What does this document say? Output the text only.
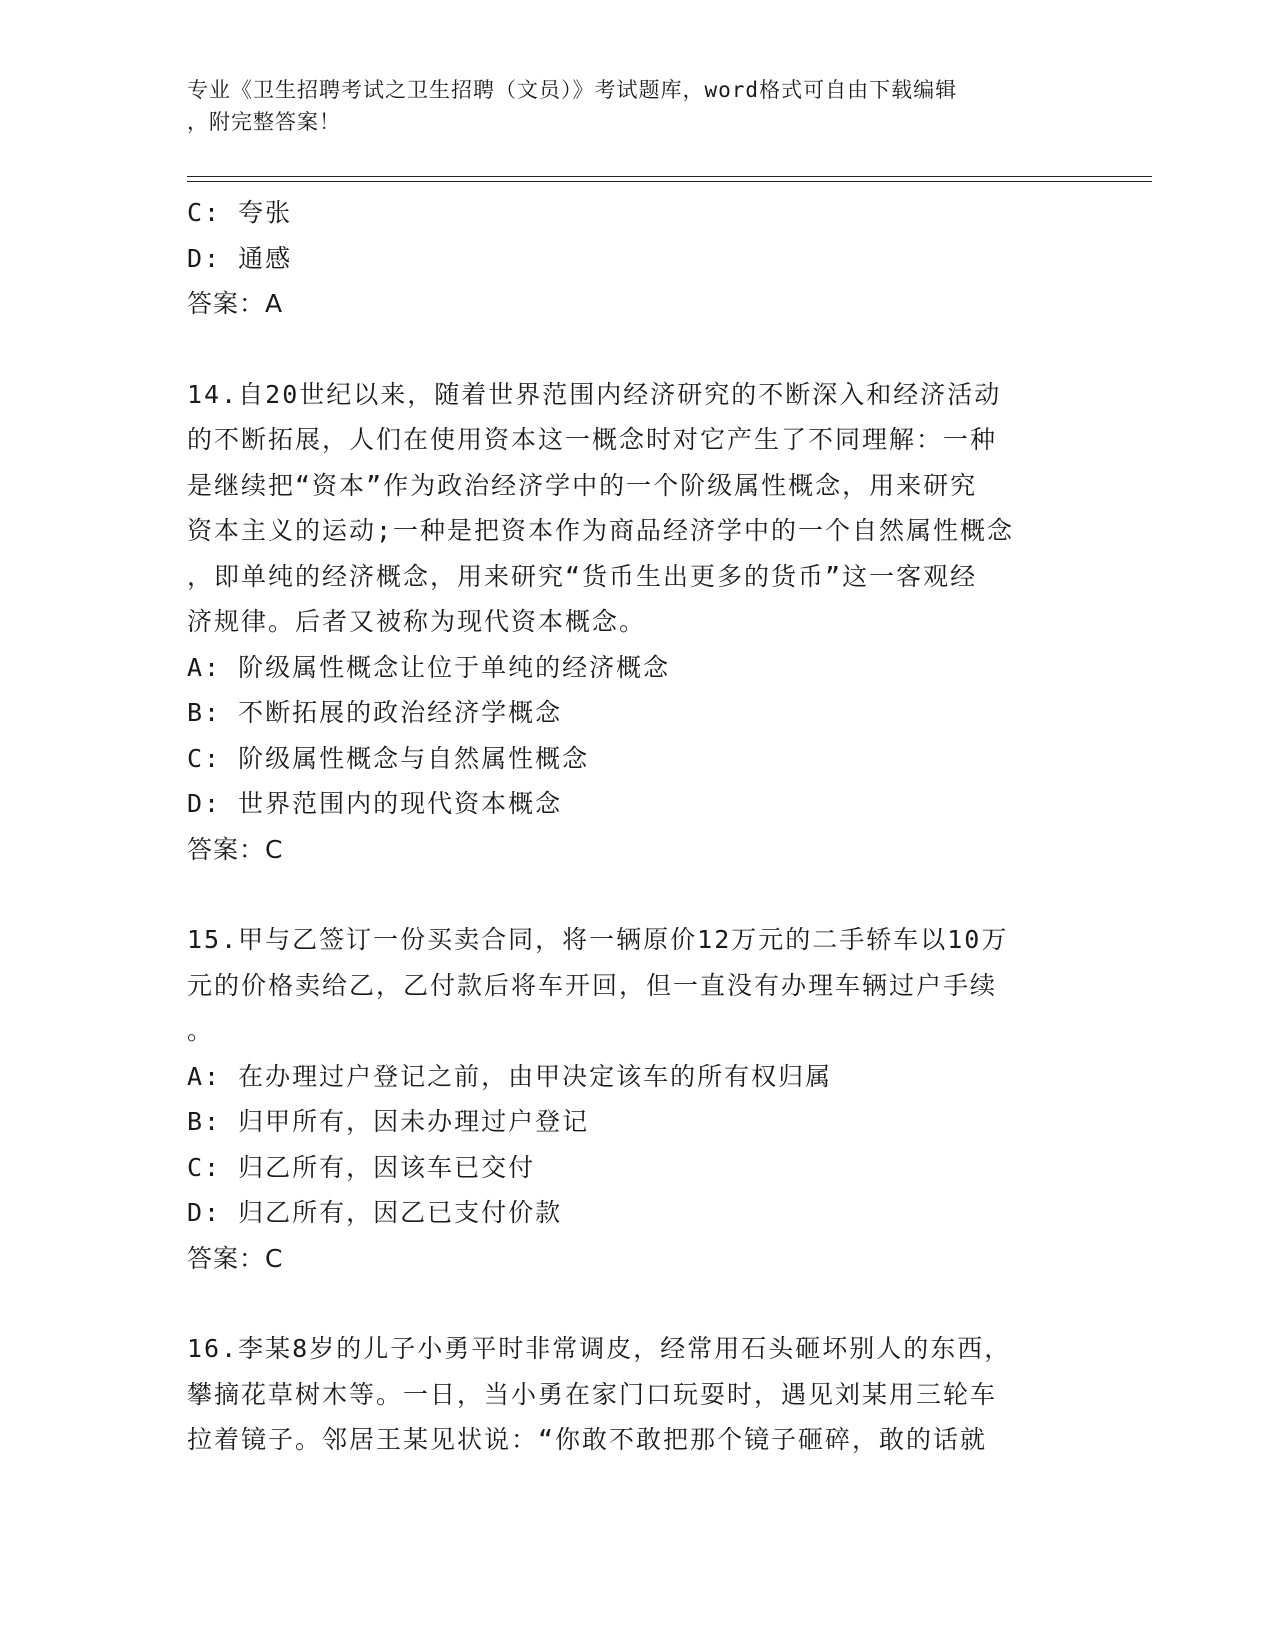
专业《卫生招聘考试之卫生招聘（文员）》考试题库，word格式可自由下载编辑
，附完整答案！
C: 夸张
D: 通感
答案：A
14.自20世纪以来，随着世界范围内经济研究的不断深入和经济活动
的不断拓展，人们在使用资本这一概念时对它产生了不同理解：一种
是继续把“资本”作为政治经济学中的一个阶级属性概念，用来研究
资本主义的运动;一种是把资本作为商品经济学中的一个自然属性概念
，即单纯的经济概念，用来研究“货币生出更多的货币”这一客观经
济规律。后者又被称为现代资本概念。
A: 阶级属性概念让位于单纯的经济概念
B: 不断拓展的政治经济学概念
C: 阶级属性概念与自然属性概念
D: 世界范围内的现代资本概念
答案：C
15.甲与乙签订一份买卖合同，将一辆原价12万元的二手轿车以10万
元的价格卖给乙，乙付款后将车开回，但一直没有办理车辆过户手续
。
A: 在办理过户登记之前，由甲决定该车的所有权归属
B: 归甲所有，因未办理过户登记
C: 归乙所有，因该车已交付
D: 归乙所有，因乙已支付价款
答案：C
16.李某8岁的儿子小勇平时非常调皮，经常用石头砸坏别人的东西，
攀摘花草树木等。一日，当小勇在家门口玩耍时，遇见刘某用三轮车
拉着镜子。邻居王某见状说：“你敢不敢把那个镜子砸碎，敢的话就
